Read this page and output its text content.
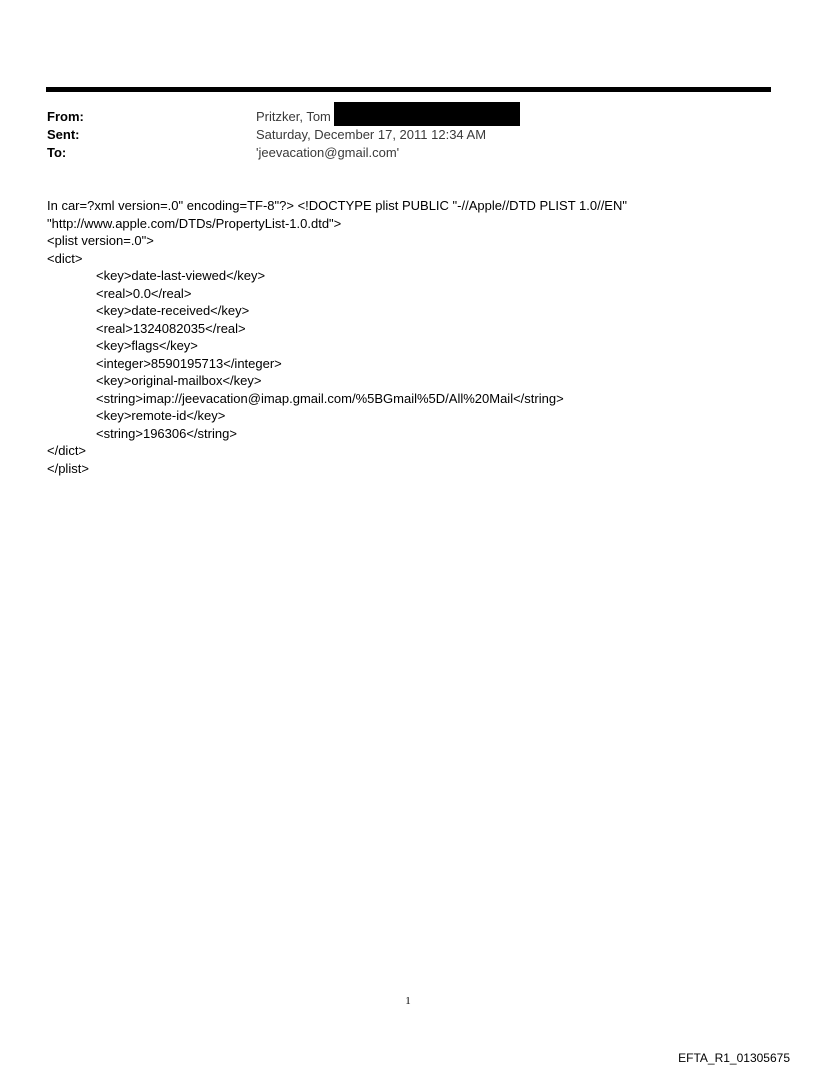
From:	Pritzker, Tom
Sent:	Saturday, December 17, 2011 12:34 AM
To:	'jeevacation@gmail.com'
In car=?xml version=.0" encoding=TF-8"?> <!DOCTYPE plist PUBLIC "-//Apple//DTD PLIST 1.0//EN"
"http://www.apple.com/DTDs/PropertyList-1.0.dtd">
<plist version=.0">
<dict>
<key>date-last-viewed</key>
<real>0.0</real>
<key>date-received</key>
<real>1324082035</real>
<key>flags</key>
<integer>8590195713</integer>
<key>original-mailbox</key>
<string>imap://jeevacation@imap.gmail.com/%5BGmail%5D/All%20Mail</string>
<key>remote-id</key>
<string>196306</string>
</dict>
</plist>
1
EFTA_R1_01305675
